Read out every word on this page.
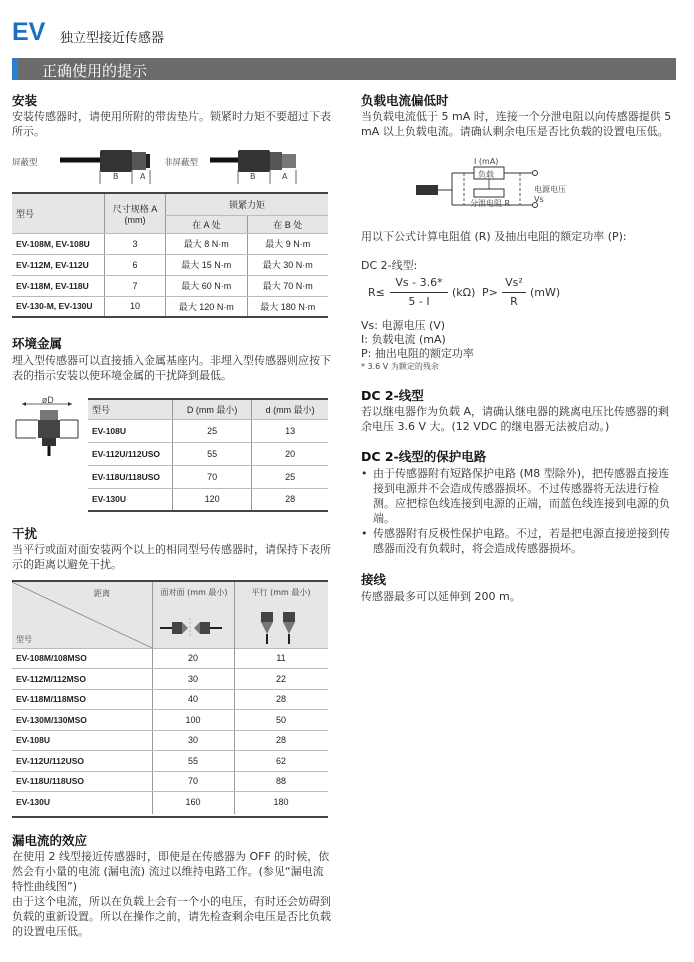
EV 独立型接近传感器
正确使用的提示
安装
安装传感器时，请使用所附的带齿垫片。锁紧时力矩不要超过下表所示。
屏蔽型
B	A
非屏蔽型
B	A
型号	尺寸规格 A (mm)	锁紧力矩	
		在 A 处	在 B 处
EV-108M, EV-108U	3	最大 8 N·m	最大 9 N·m
EV-112M, EV-112U	6	最大 15 N·m	最大 30 N·m
EV-118M, EV-118U	7	最大 60 N·m	最大 70 N·m
EV-130-M, EV-130U	10	最大 120 N·m	最大 180 N·m
环境金属
埋入型传感器可以直接插入金属基座内。非埋入型传感器则应按下表的指示安装以使环境金属的干扰降到最低。
øD
d
型号	D (mm 最小)	d (mm 最小)
EV-108U	25	13
EV-112U/112USO	55	20
EV-118U/118USO	70	25
EV-130U	120	28
干扰
当平行或面对面安装两个以上的相同型号传感器时，请保持下表所示的距离以避免干扰。
距离
型号
面对面 (mm 最小)	平行 (mm 最小)
EV-108M/108MSO	20	11
EV-112M/112MSO	30	22
EV-118M/118MSO	40	28
EV-130M/130MSO	100	50
EV-108U	30	28
EV-112U/112USO	55	62
EV-118U/118USO	70	88
EV-130U	160	180
漏电流的效应
在使用 2 线型接近传感器时，即使是在传感器为 OFF 的时候，依然会有小量的电流 (漏电流) 流过以维持电路工作。(参见“漏电流特性曲线图”)
由于这个电流，所以在负载上会有一个小的电压，有时还会妨碍到负载的重新设置。所以在操作之前，请先检查剩余电压是否比负载的设置电压低。
负载电流偏低时
当负载电流低于 5 mA 时，连接一个分泄电阻以向传感器提供 5 mA 以上负载电流。请确认剩余电压是否比负载的设置电压低。
I (mA)
负载
分泄电阻 R
电源电压
Vs
用以下公式计算电阻值 (R) 及抽出电阻的额定功率 (P):
DC 2-线型:
R≤
Vs - 3.6*
5 - I
(kΩ) P>
Vs²
R
(mW)
Vs: 电源电压 (V)
I: 负载电流 (mA)
P: 抽出电阻的额定功率
* 3.6 V 为额定的残余
DC 2-线型
若以继电器作为负载 A，请确认继电器的跳离电压比传感器的剩余电压 3.6 V 大。(12 VDC 的继电器无法被启动。)
DC 2-线型的保护电路
• 由于传感器附有短路保护电路 (M8 型除外)，把传感器直接连接到电源并不会造成传感器损坏。不过传感器将无法进行检测。应把棕色线连接到电源的正端，而蓝色线连接到电源的负端。
• 传感器附有反极性保护电路。不过，若是把电源直接逆接到传感器而没有负载时，将会造成传感器损坏。
接线
传感器最多可以延伸到 200 m。
